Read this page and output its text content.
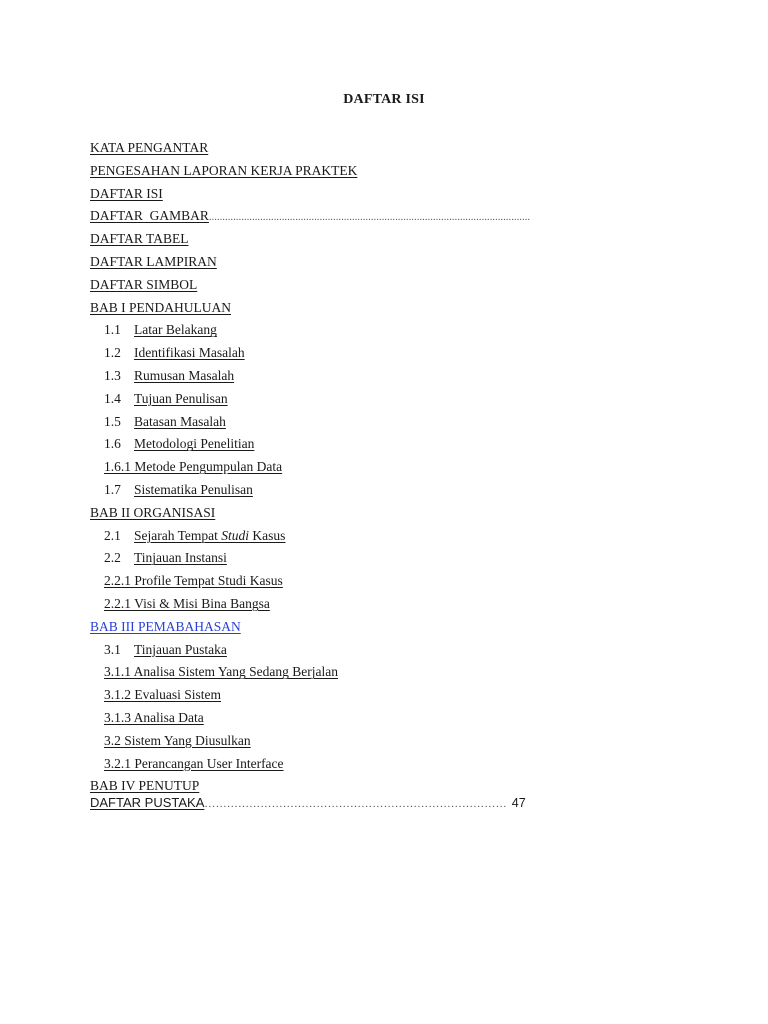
DAFTAR ISI
KATA PENGANTAR
PENGESAHAN LAPORAN KERJA PRAKTEK
DAFTAR ISI
DAFTAR  GAMBAR .......................................................................................................................
DAFTAR TABEL
DAFTAR LAMPIRAN
DAFTAR SIMBOL
BAB I PENDAHULUAN
1.1 Latar Belakang
1.2 Identifikasi Masalah
1.3 Rumusan Masalah
1.4 Tujuan Penulisan
1.5 Batasan Masalah
1.6 Metodologi Penelitian
1.6.1 Metode Pengumpulan Data
1.7 Sistematika Penulisan
BAB II ORGANISASI
2.1 Sejarah Tempat Studi Kasus
2.2 Tinjauan Instansi
2.2.1 Profile Tempat Studi Kasus
2.2.1 Visi & Misi Bina Bangsa
BAB III PEMABAHASAN
3.1 Tinjauan Pustaka
3.1.1 Analisa Sistem Yang Sedang Berjalan
3.1.2 Evaluasi Sistem
3.1.3 Analisa Data
3.2 Sistem Yang Diusulkan
3.2.1 Perancangan User Interface
BAB IV PENUTUP
DAFTAR PUSTAKA ……………………………………………………………………… 47
